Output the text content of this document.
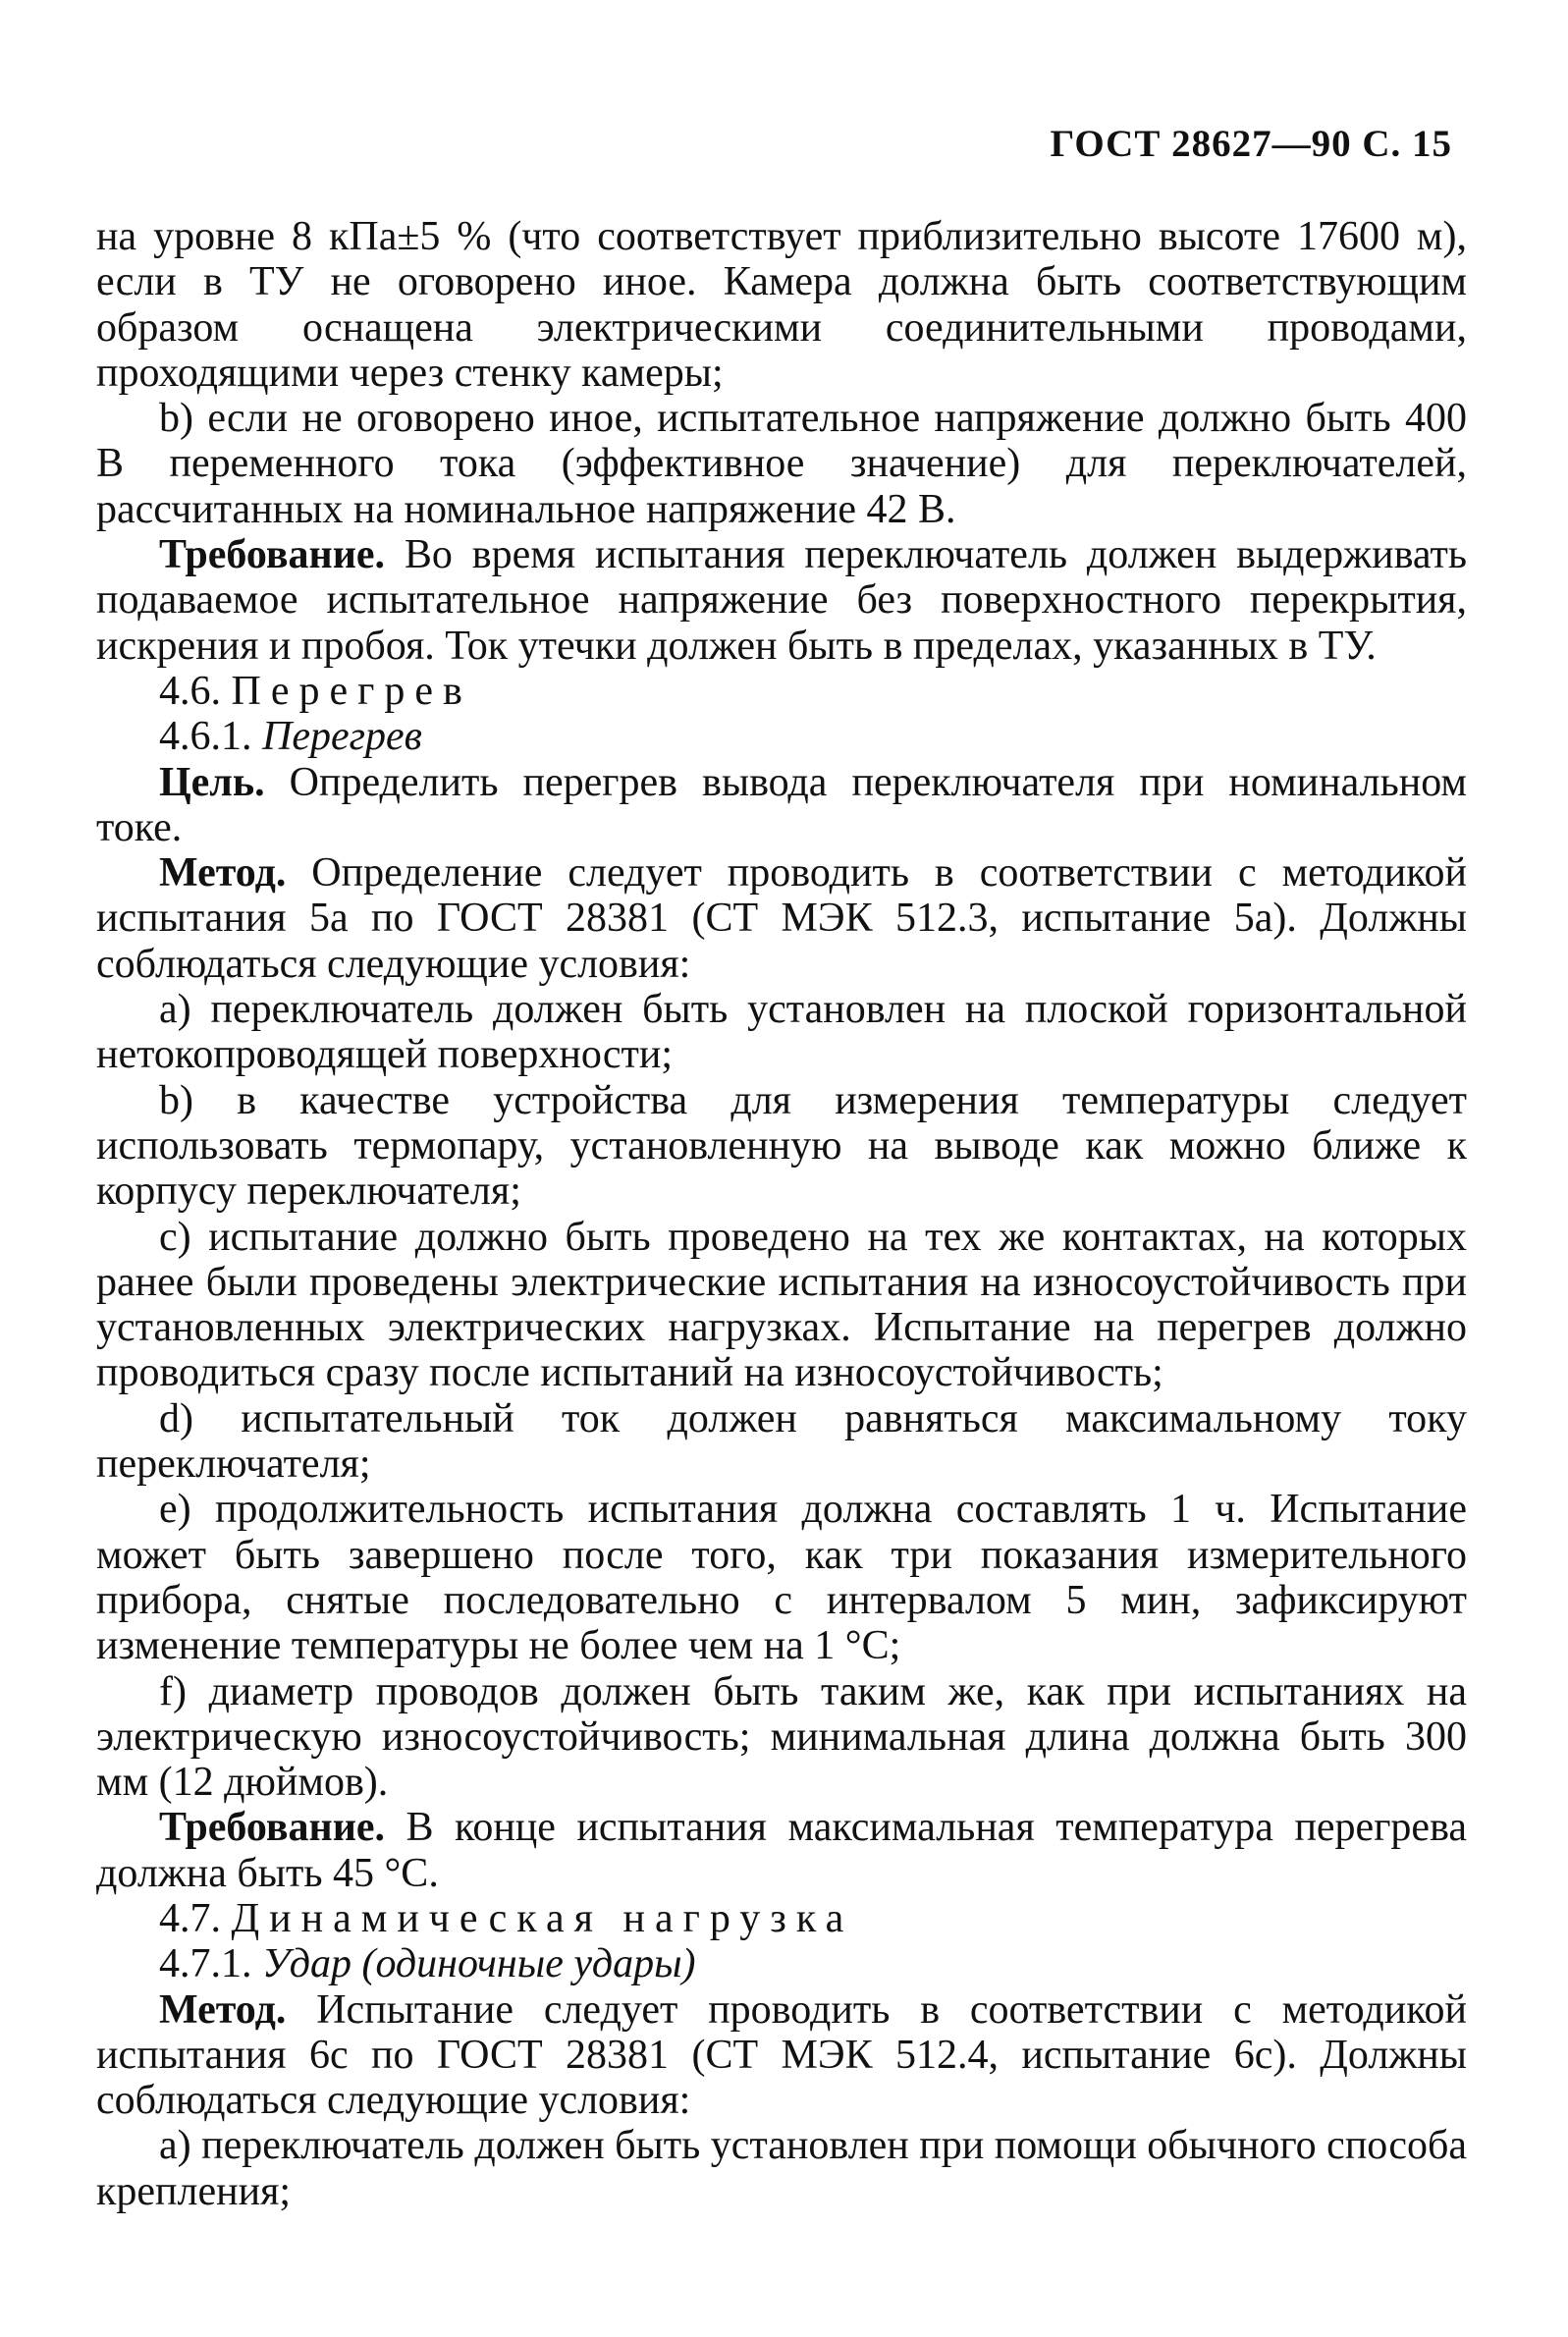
ГОСТ 28627—90 С. 15

на уровне 8 кПа±5 % (что соответствует приблизительно высоте 17600 м), если в ТУ не оговорено иное. Камера должна быть соответствующим образом оснащена электрическими соединительными проводами, проходящими через стенку камеры;

b) если не оговорено иное, испытательное напряжение должно быть 400 В переменного тока (эффективное значение) для переключателей, рассчитанных на номинальное напряжение 42 В.

Требование. Во время испытания переключатель должен выдерживать подаваемое испытательное напряжение без поверхностного перекрытия, искрения и пробоя. Ток утечки должен быть в пределах, указанных в ТУ.

4.6. Перегрев

4.6.1. Перегрев

Цель. Определить перегрев вывода переключателя при номинальном токе.

Метод. Определение следует проводить в соответствии с методикой испытания 5а по ГОСТ 28381 (СТ МЭК 512.3, испытание 5а). Должны соблюдаться следующие условия:

а) переключатель должен быть установлен на плоской горизонтальной нетокопроводящей поверхности;

b) в качестве устройства для измерения температуры следует использовать термопару, установленную на выводе как можно ближе к корпусу переключателя;

с) испытание должно быть проведено на тех же контактах, на которых ранее были проведены электрические испытания на износоустойчивость при установленных электрических нагрузках. Испытание на перегрев должно проводиться сразу после испытаний на износоустойчивость;

d) испытательный ток должен равняться максимальному току переключателя;

е) продолжительность испытания должна составлять 1 ч. Испытание может быть завершено после того, как три показания измерительного прибора, снятые последовательно с интервалом 5 мин, зафиксируют изменение температуры не более чем на 1 °С;

f) диаметр проводов должен быть таким же, как при испытаниях на электрическую износоустойчивость; минимальная длина должна быть 300 мм (12 дюймов).

Требование. В конце испытания максимальная температура перегрева должна быть 45 °С.

4.7. Динамическая нагрузка

4.7.1. Удар (одиночные удары)

Метод. Испытание следует проводить в соответствии с методикой испытания 6с по ГОСТ 28381 (СТ МЭК 512.4, испытание 6с). Должны соблюдаться следующие условия:

а) переключатель должен быть установлен при помощи обычного способа крепления;
